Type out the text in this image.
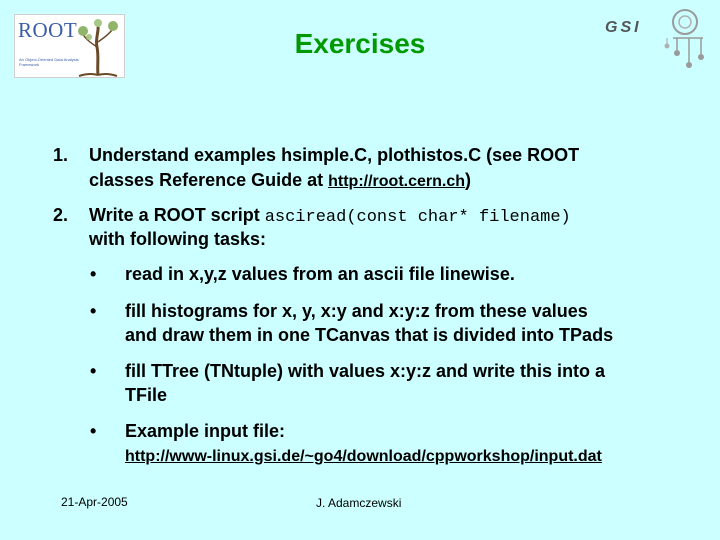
ROOT
An Object-Oriented Data Analysis Framework
GSI
Exercises
1. Understand examples hsimple.C, plothistos.C (see ROOT
classes Reference Guide at http://root.cern.ch)
2. Write a ROOT script asciread(const char* filename)
with following tasks:
• read in x,y,z values from an ascii file linewise.
• fill histograms for x, y, x:y and x:y:z from these values
and draw them in one TCanvas that is divided into TPads
• fill TTree (TNtuple) with values x:y:z and write this into a
TFile
• Example input file:
http://www-linux.gsi.de/~go4/download/cppworkshop/input.dat
21-Apr-2005	J. Adamczewski
